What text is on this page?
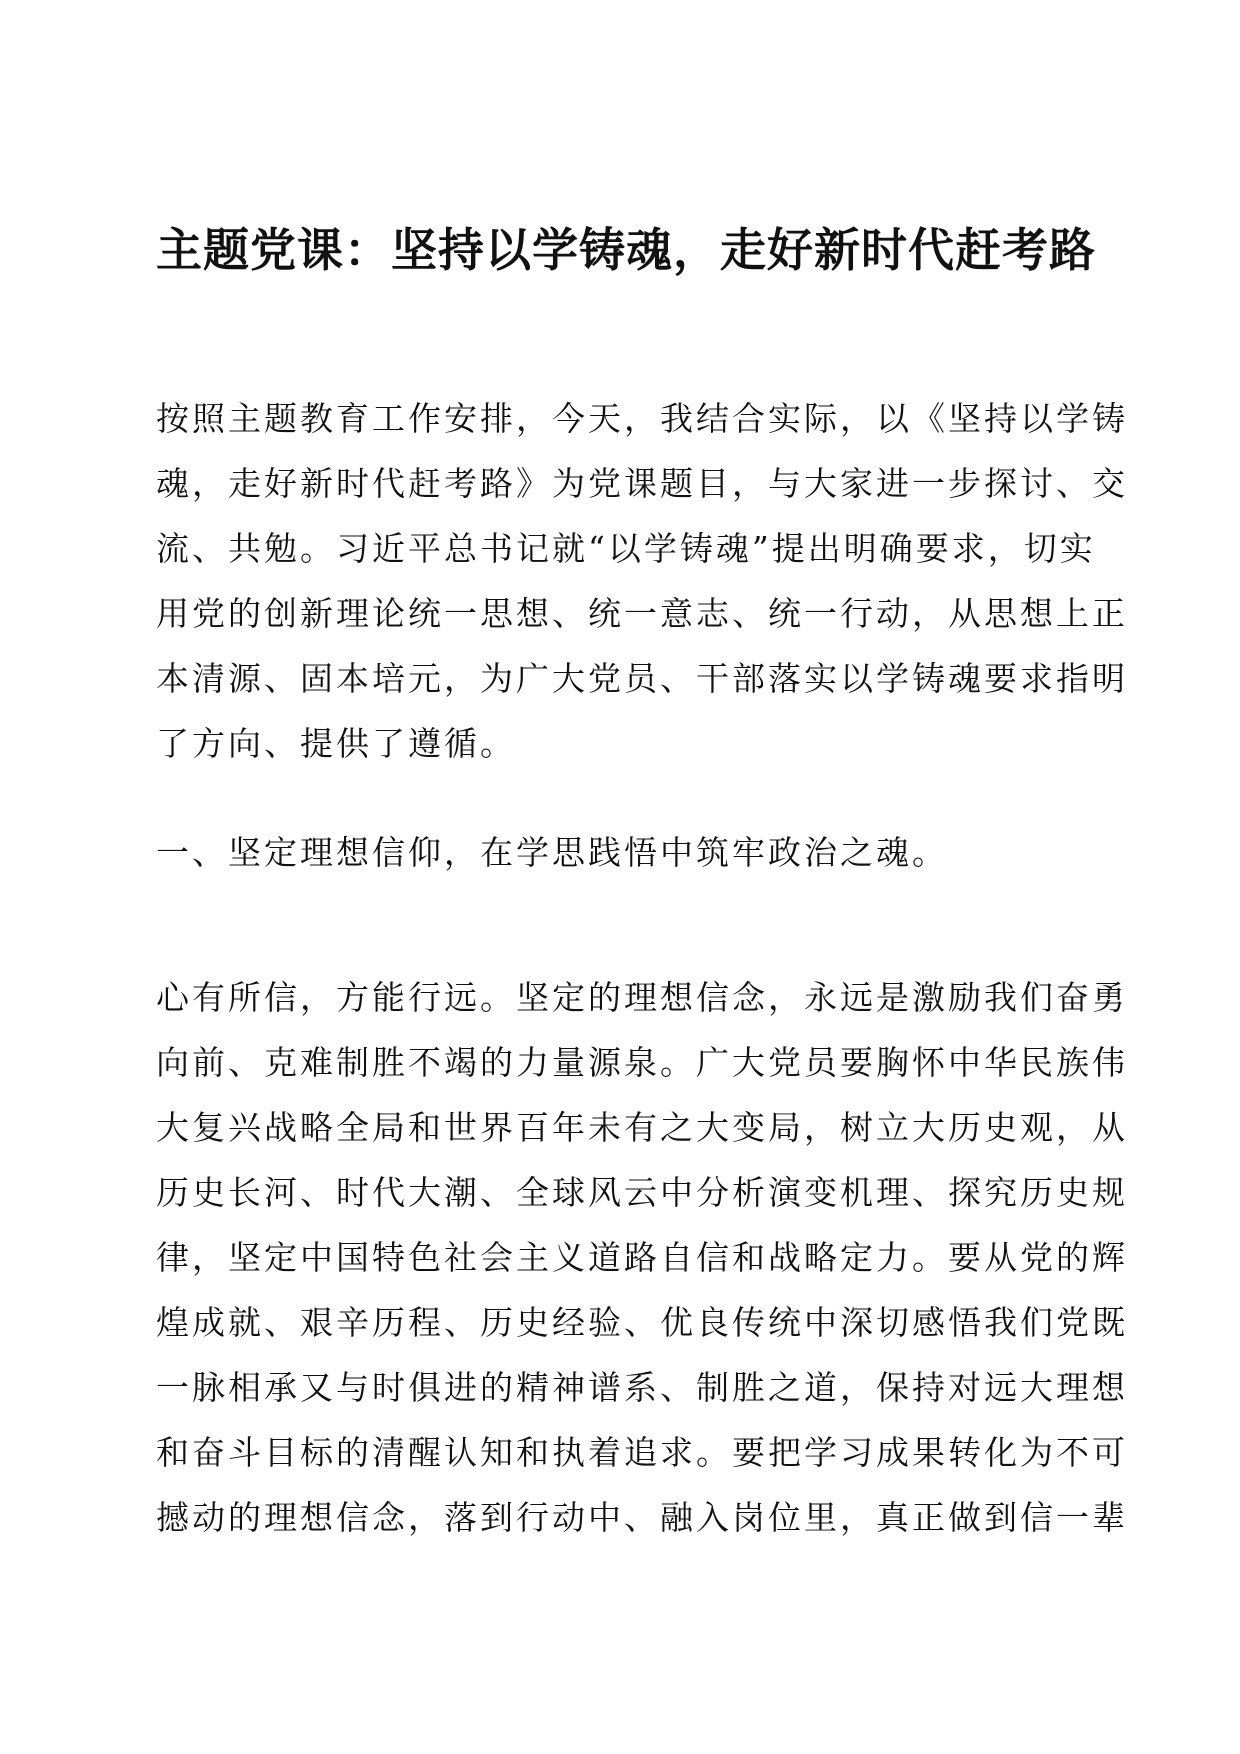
主题党课：坚持以学铸魂，走好新时代赶考路

按照主题教育工作安排，今天，我结合实际，以《坚持以学铸
魂，走好新时代赶考路》为党课题目，与大家进一步探讨、交
流、共勉。习近平总书记就“以学铸魂”提出明确要求，切实
用党的创新理论统一思想、统一意志、统一行动，从思想上正
本清源、固本培元，为广大党员、干部落实以学铸魂要求指明
了方向、提供了遵循。

一、坚定理想信仰，在学思践悟中筑牢政治之魂。

心有所信，方能行远。坚定的理想信念，永远是激励我们奋勇
向前、克难制胜不竭的力量源泉。广大党员要胸怀中华民族伟
大复兴战略全局和世界百年未有之大变局，树立大历史观，从
历史长河、时代大潮、全球风云中分析演变机理、探究历史规
律，坚定中国特色社会主义道路自信和战略定力。要从党的辉
煌成就、艰辛历程、历史经验、优良传统中深切感悟我们党既
一脉相承又与时俱进的精神谱系、制胜之道，保持对远大理想
和奋斗目标的清醒认知和执着追求。要把学习成果转化为不可
撼动的理想信念，落到行动中、融入岗位里，真正做到信一辈
